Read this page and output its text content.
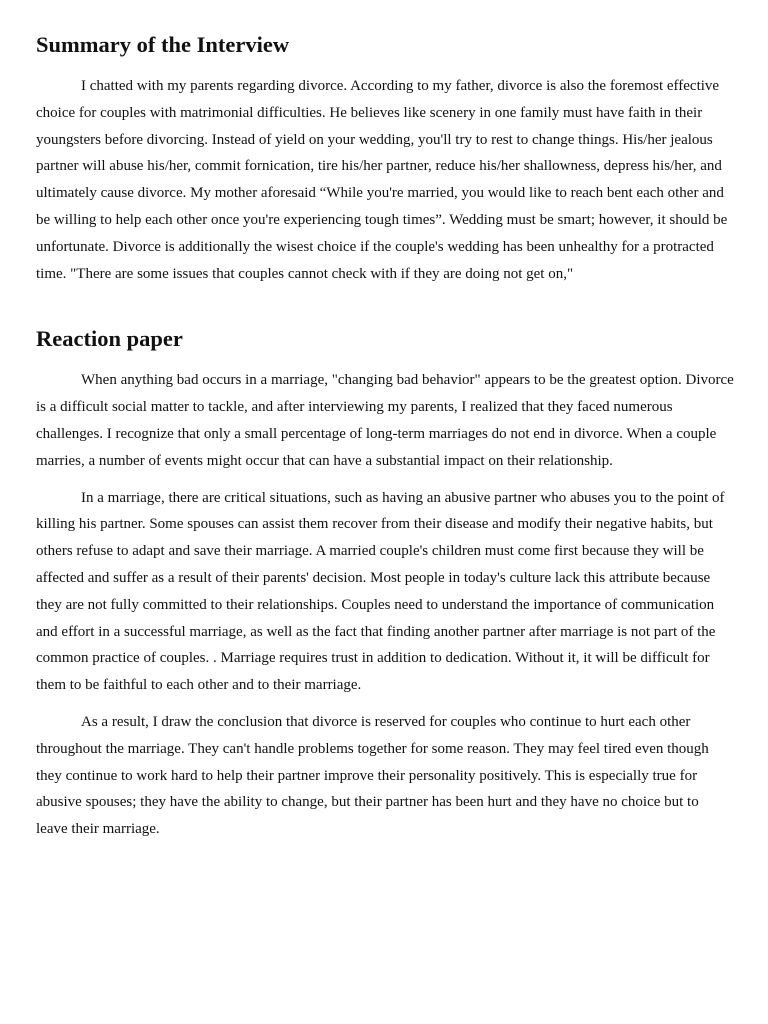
Summary of the Interview

I chatted with my parents regarding divorce. According to my father, divorce is also the foremost effective choice for couples with matrimonial difficulties. He believes like scenery in one family must have faith in their youngsters before divorcing. Instead of yield on your wedding, you'll try to rest to change things. His/her jealous partner will abuse his/her, commit fornication, tire his/her partner, reduce his/her shallowness, depress his/her, and ultimately cause divorce. My mother aforesaid “While you're married, you would like to reach bent each other and be willing to help each other once you're experiencing tough times”. Wedding must be smart; however, it should be unfortunate. Divorce is additionally the wisest choice if the couple's wedding has been unhealthy for a protracted time. "There are some issues that couples cannot check with if they are doing not get on,"

Reaction paper

When anything bad occurs in a marriage, "changing bad behavior" appears to be the greatest option. Divorce is a difficult social matter to tackle, and after interviewing my parents, I realized that they faced numerous challenges. I recognize that only a small percentage of long-term marriages do not end in divorce. When a couple marries, a number of events might occur that can have a substantial impact on their relationship.

In a marriage, there are critical situations, such as having an abusive partner who abuses you to the point of killing his partner. Some spouses can assist them recover from their disease and modify their negative habits, but others refuse to adapt and save their marriage. A married couple's children must come first because they will be affected and suffer as a result of their parents' decision. Most people in today's culture lack this attribute because they are not fully committed to their relationships. Couples need to understand the importance of communication and effort in a successful marriage, as well as the fact that finding another partner after marriage is not part of the common practice of couples. . Marriage requires trust in addition to dedication. Without it, it will be difficult for them to be faithful to each other and to their marriage.

As a result, I draw the conclusion that divorce is reserved for couples who continue to hurt each other throughout the marriage. They can't handle problems together for some reason. They may feel tired even though they continue to work hard to help their partner improve their personality positively. This is especially true for abusive spouses; they have the ability to change, but their partner has been hurt and they have no choice but to leave their marriage.
